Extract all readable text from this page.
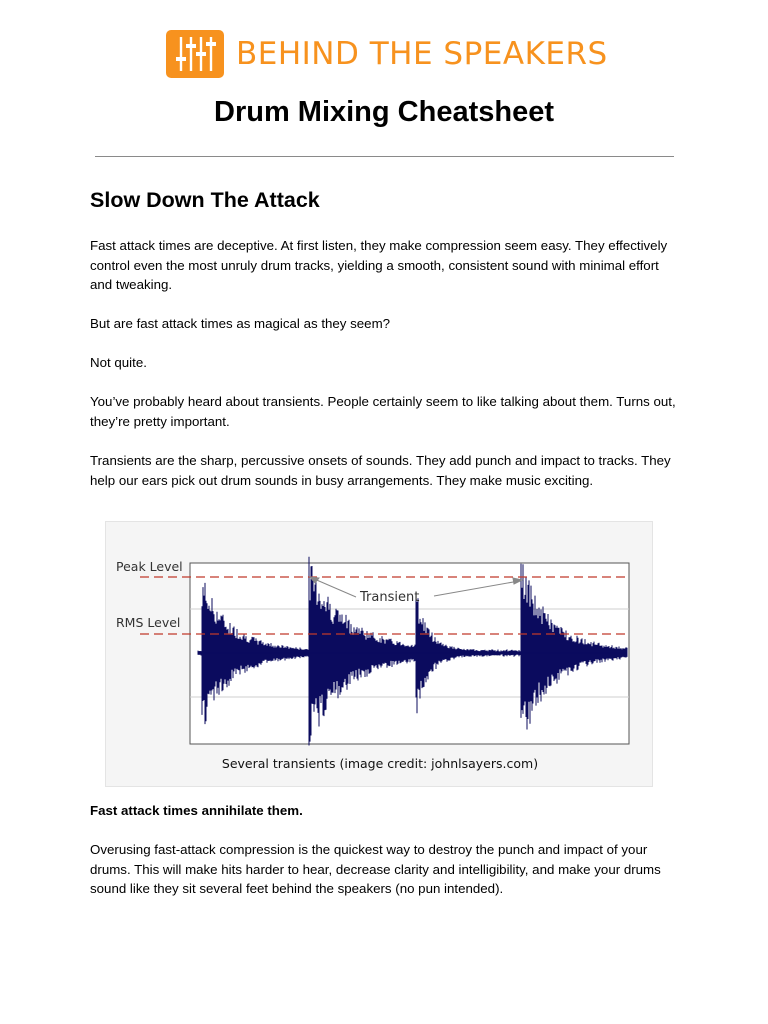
BEHIND THE SPEAKERS
Drum Mixing Cheatsheet
Slow Down The Attack

Fast attack times are deceptive. At first listen, they make compression seem easy. They effectively control even the most unruly drum tracks, yielding a smooth, consistent sound with minimal effort and tweaking.

But are fast attack times as magical as they seem?

Not quite.

You’ve probably heard about transients. People certainly seem to like talking about them. Turns out, they’re pretty important.

Transients are the sharp, percussive onsets of sounds. They add punch and impact to tracks. They help our ears pick out drum sounds in busy arrangements. They make music exciting.

Peak Level
RMS Level
Transient
Several transients (image credit: johnlsayers.com)

Fast attack times annihilate them.

Overusing fast-attack compression is the quickest way to destroy the punch and impact of your drums. This will make hits harder to hear, decrease clarity and intelligibility, and make your drums sound like they sit several feet behind the speakers (no pun intended).
